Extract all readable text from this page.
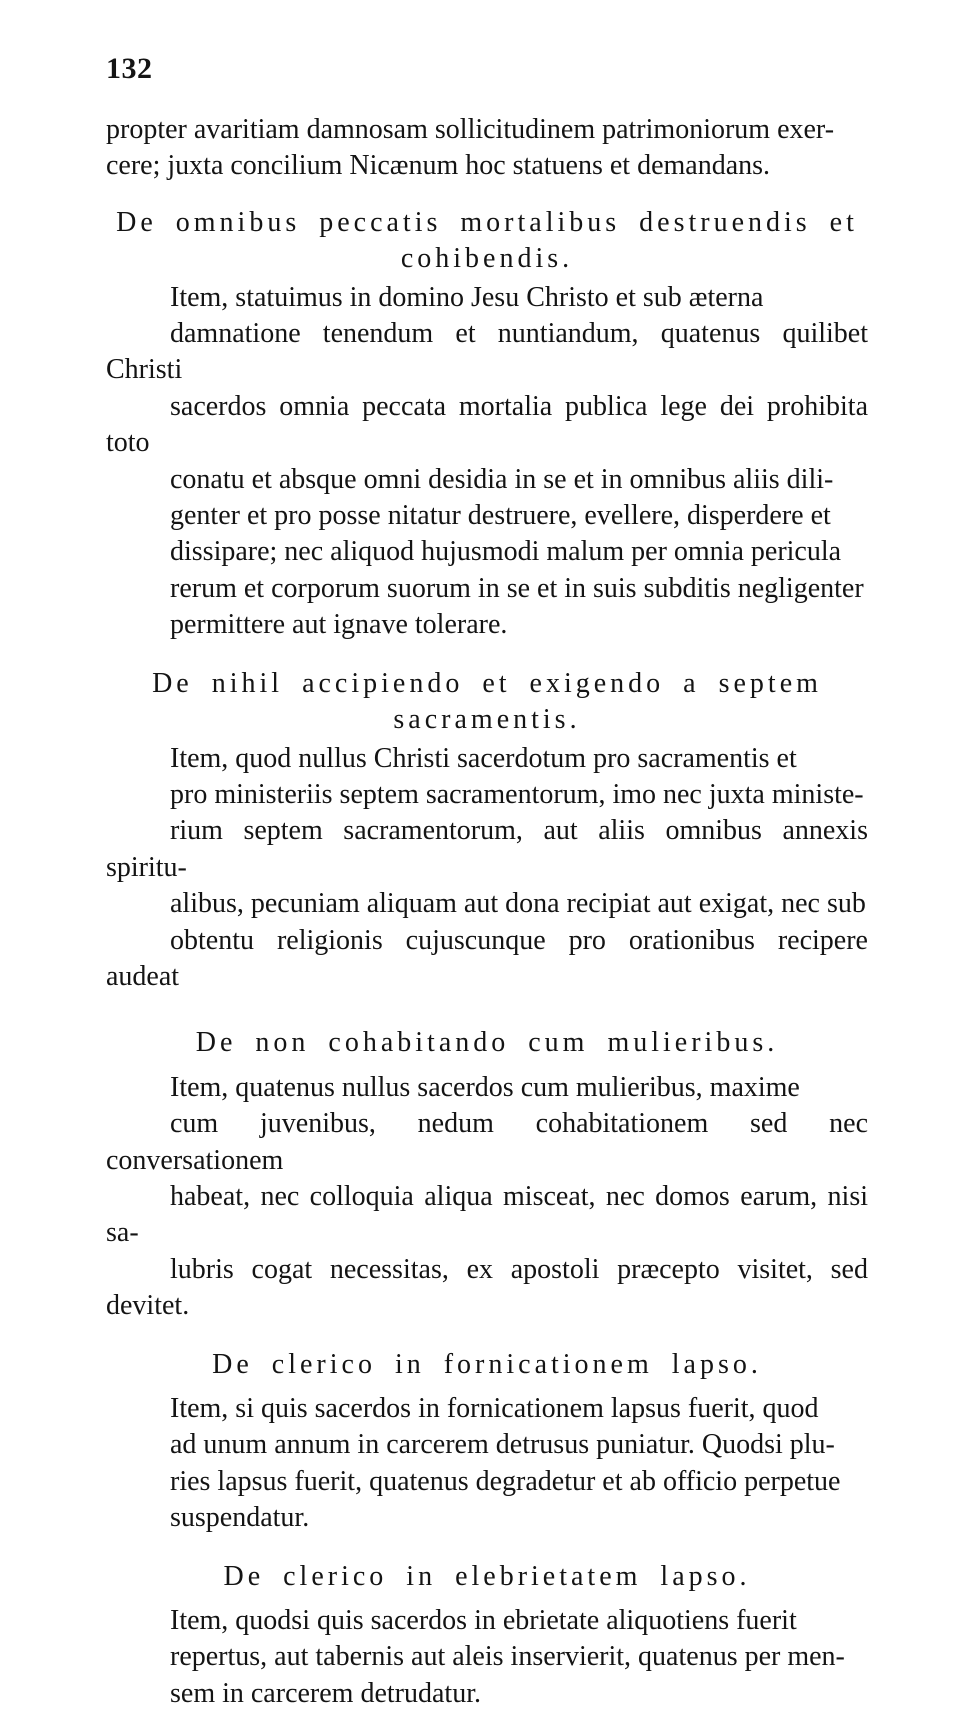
132

propter avaritiam damnosam sollicitudinem patrimoniorum exer-
cere; juxta concilium Nicænum hoc statuens et demandans.

De omnibus peccatis mortalibus destruendis et
cohibendis.

Item, statuimus in domino Jesu Christo et sub æterna
damnatione tenendum et nuntiandum, quatenus quilibet Christi
sacerdos omnia peccata mortalia publica lege dei prohibita toto
conatu et absque omni desidia in se et in omnibus aliis dili-
genter et pro posse nitatur destruere, evellere, disperdere et
dissipare; nec aliquod hujusmodi malum per omnia pericula
rerum et corporum suorum in se et in suis subditis negligenter
permittere aut ignave tolerare.

De nihil accipiendo et exigendo a septem
sacramentis.

Item, quod nullus Christi sacerdotum pro sacramentis et
pro ministeriis septem sacramentorum, imo nec juxta ministe-
rium septem sacramentorum, aut aliis omnibus annexis spiritu-
alibus, pecuniam aliquam aut dona recipiat aut exigat, nec sub
obtentu religionis cujuscunque pro orationibus recipere audeat

De non cohabitando cum mulieribus.

Item, quatenus nullus sacerdos cum mulieribus, maxime
cum juvenibus, nedum cohabitationem sed nec conversationem
habeat, nec colloquia aliqua misceat, nec domos earum, nisi sa-
lubris cogat necessitas, ex apostoli præcepto visitet, sed devitet.

De clerico in fornicationem lapso.

Item, si quis sacerdos in fornicationem lapsus fuerit, quod
ad unum annum in carcerem detrusus puniatur. Quodsi plu-
ries lapsus fuerit, quatenus degradetur et ab officio perpetue
suspendatur.

De clerico in elebrietatem lapso.

Item, quodsi quis sacerdos in ebrietate aliquotiens fuerit
repertus, aut tabernis aut aleis inservierit, quatenus per men-
sem in carcerem detrudatur.
